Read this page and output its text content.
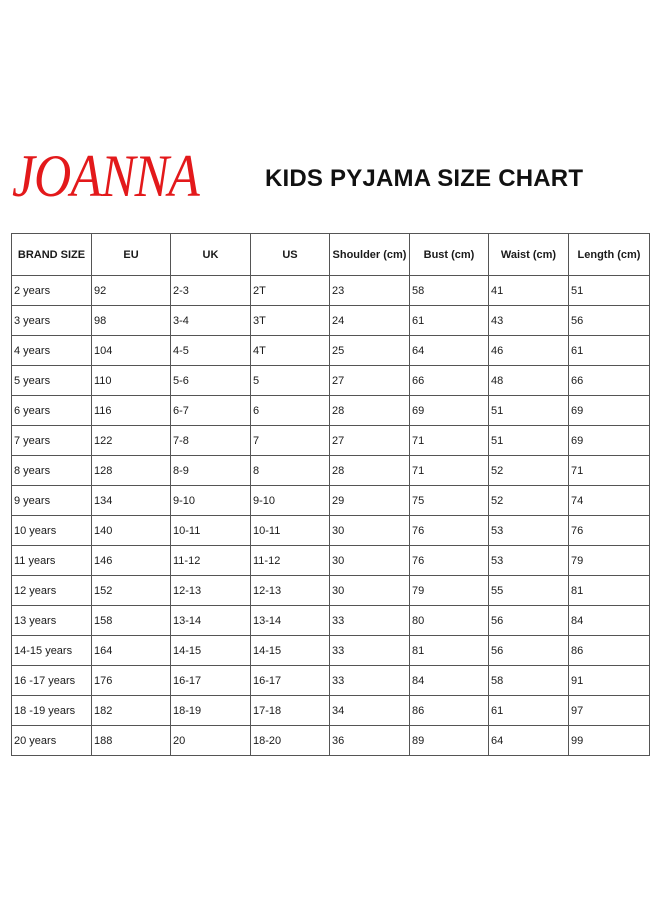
JOANNA	KIDS PYJAMA SIZE CHART
BRAND SIZE	EU	UK	US	Shoulder (cm)	Bust (cm)	Waist (cm)	Length (cm)
2 years	92	2-3	2T	23	58	41	51
3 years	98	3-4	3T	24	61	43	56
4 years	104	4-5	4T	25	64	46	61
5 years	110	5-6	5	27	66	48	66
6 years	116	6-7	6	28	69	51	69
7 years	122	7-8	7	27	71	51	69
8 years	128	8-9	8	28	71	52	71
9 years	134	9-10	9-10	29	75	52	74
10 years	140	10-11	10-11	30	76	53	76
11 years	146	11-12	11-12	30	76	53	79
12 years	152	12-13	12-13	30	79	55	81
13 years	158	13-14	13-14	33	80	56	84
14-15 years	164	14-15	14-15	33	81	56	86
16 -17 years	176	16-17	16-17	33	84	58	91
18 -19 years	182	18-19	17-18	34	86	61	97
20 years	188	20	18-20	36	89	64	99
